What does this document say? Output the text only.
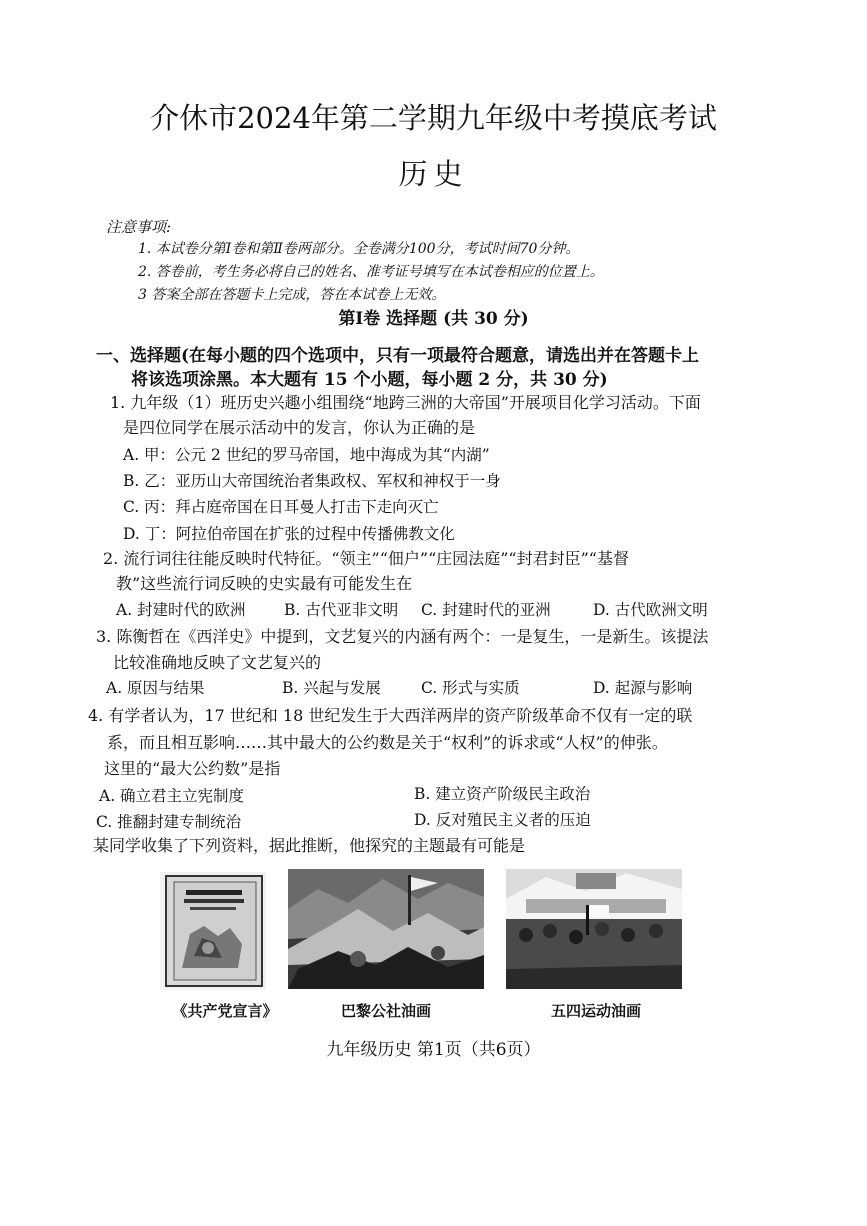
介休市2024年第二学期九年级中考摸底考试
历史
注意事项:
1. 本试卷分第Ⅰ卷和第Ⅱ卷两部分。全卷满分100分，考试时间70分钟。
2. 答卷前，考生务必将自己的姓名、准考证号填写在本试卷相应的位置上。
3 答案全部在答题卡上完成，答在本试卷上无效。
第Ⅰ卷 选择题 (共 30 分)
一、选择题(在每小题的四个选项中，只有一项最符合题意，请选出并在答题卡上
将该选项涂黑。本大题有 15 个小题，每小题 2 分，共 30 分)
1. 九年级（1）班历史兴趣小组围绕“地跨三洲的大帝国”开展项目化学习活动。下面
是四位同学在展示活动中的发言，你认为正确的是
A. 甲：公元 2 世纪的罗马帝国，地中海成为其“内湖”
B. 乙：亚历山大帝国统治者集政权、军权和神权于一身
C. 丙：拜占庭帝国在日耳曼人打击下走向灭亡
D. 丁：阿拉伯帝国在扩张的过程中传播佛教文化
2. 流行词往往能反映时代特征。“领主”“佃户”“庄园法庭”“封君封臣”“基督
教”这些流行词反映的史实最有可能发生在
A. 封建时代的欧洲 B. 古代亚非文明 C. 封建时代的亚洲	D. 古代欧洲文明
3. 陈衡哲在《西洋史》中提到，文艺复兴的内涵有两个：一是复生，一是新生。该提法
比较准确地反映了文艺复兴的
A. 原因与结果	B. 兴起与发展	C. 形式与实质	D. 起源与影响
4. 有学者认为，17 世纪和 18 世纪发生于大西洋两岸的资产阶级革命不仅有一定的联
系，而且相互影响……其中最大的公约数是关于“权利”的诉求或“人权”的伸张。
这里的“最大公约数”是指
A. 确立君主立宪制度	B. 建立资产阶级民主政治
C. 推翻封建专制统治	D. 反对殖民主义者的压迫
某同学收集了下列资料，据此推断，他探究的主题最有可能是
《共产党宣言》	巴黎公社油画	五四运动油画
九年级历史 第1页（共6页）
